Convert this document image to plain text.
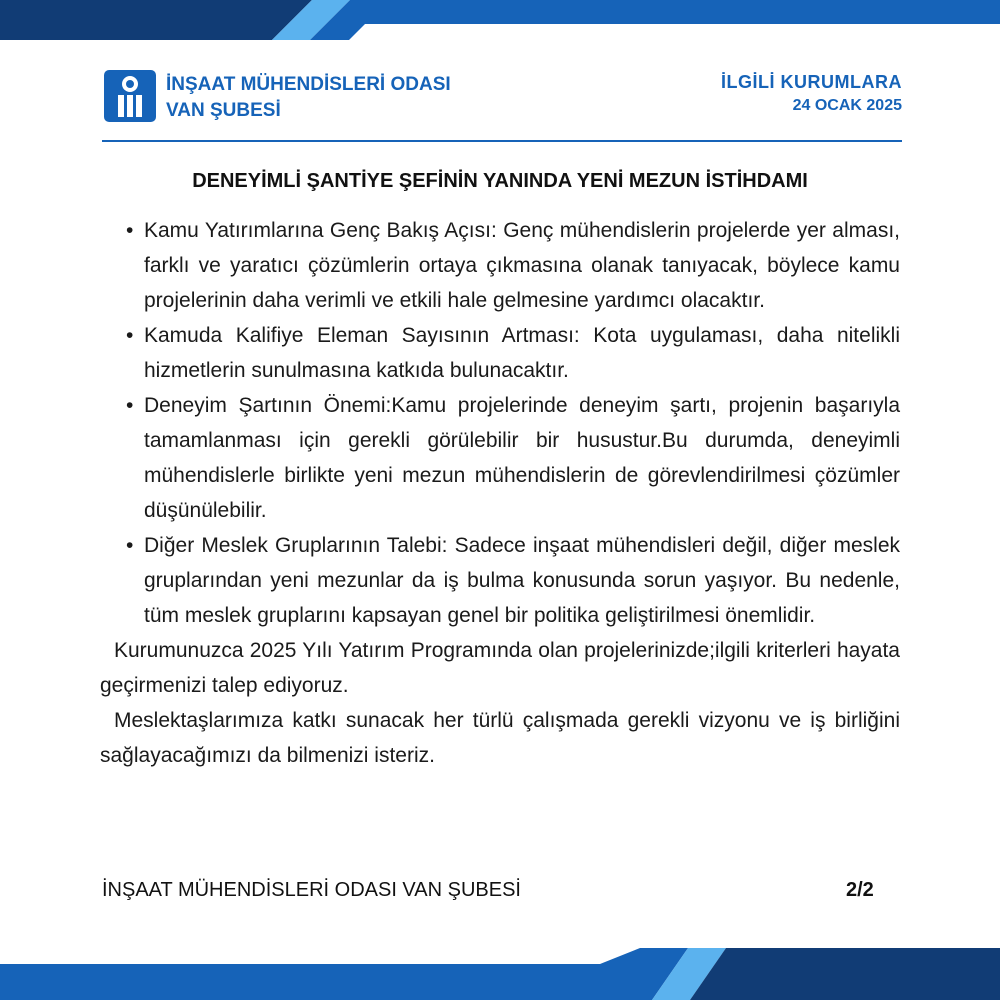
İNŞAAT MÜHENDİSLERİ ODASI
VAN ŞUBESİ
İLGİLİ KURUMLARA
24 OCAK 2025
DENEYİMLİ ŞANTİYE ŞEFİNİN YANINDA YENİ MEZUN İSTİHDAMI
• Kamu Yatırımlarına Genç Bakış Açısı: Genç mühendislerin projelerde yer alması, farklı ve yaratıcı çözümlerin ortaya çıkmasına olanak tanıyacak, böylece kamu projelerinin daha verimli ve etkili hale gelmesine yardımcı olacaktır.
• Kamuda Kalifiye Eleman Sayısının Artması: Kota uygulaması, daha nitelikli hizmetlerin sunulmasına katkıda bulunacaktır.
• Deneyim Şartının Önemi:Kamu projelerinde deneyim şartı, projenin başarıyla tamamlanması için gerekli görülebilir bir husustur.Bu durumda, deneyimli mühendislerle birlikte yeni mezun mühendislerin de görevlendirilmesi çözümler düşünülebilir.
• Diğer Meslek Gruplarının Talebi: Sadece inşaat mühendisleri değil, diğer meslek gruplarından yeni mezunlar da iş bulma konusunda sorun yaşıyor. Bu nedenle, tüm meslek gruplarını kapsayan genel bir politika geliştirilmesi önemlidir.

Kurumunuzca 2025 Yılı Yatırım Programında olan projelerinizde;ilgili kriterleri hayata geçirmenizi talep ediyoruz.

Meslektaşlarımıza katkı sunacak her türlü çalışmada gerekli vizyonu ve iş birliğini sağlayacağımızı da bilmenizi isteriz.

İNŞAAT MÜHENDİSLERİ ODASI VAN ŞUBESİ	2/2
